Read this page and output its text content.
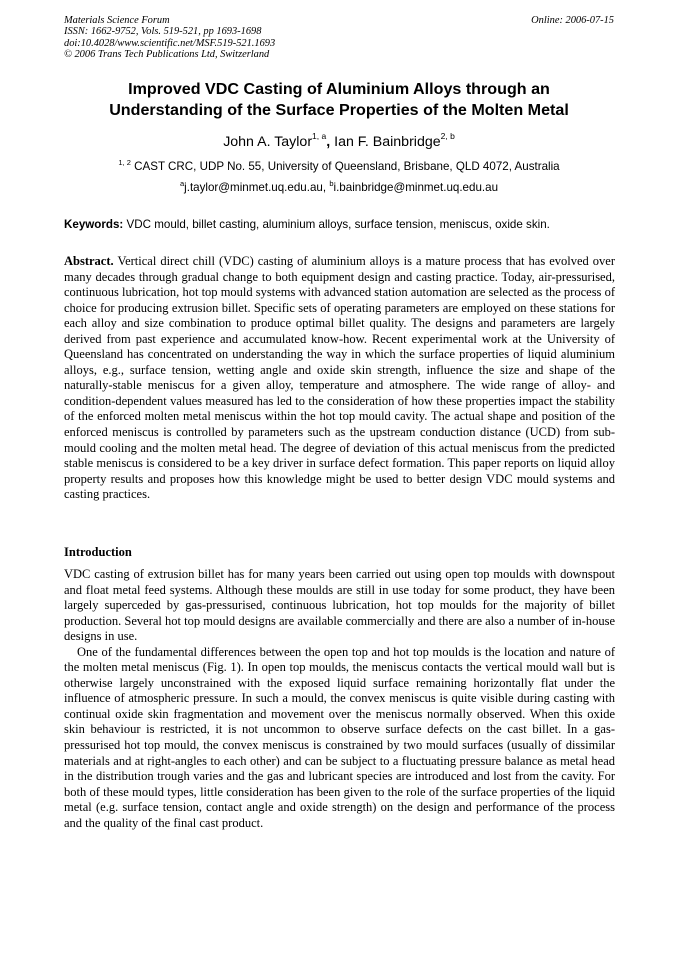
Materials Science Forum
ISSN: 1662-9752, Vols. 519-521, pp 1693-1698
doi:10.4028/www.scientific.net/MSF.519-521.1693
© 2006 Trans Tech Publications Ltd, Switzerland
Online: 2006-07-15
Improved VDC Casting of Aluminium Alloys through an
Understanding of the Surface Properties of the Molten Metal
John A. Taylor$^{1, a}$, Ian F. Bainbridge$^{2, b}$
$^{1, 2}$ CAST CRC, UDP No. 55, University of Queensland, Brisbane, QLD 4072, Australia
$^a$j.taylor@minmet.uq.edu.au, $^b$i.bainbridge@minmet.uq.edu.au
Keywords: VDC mould, billet casting, aluminium alloys, surface tension, meniscus, oxide skin.

Abstract. Vertical direct chill (VDC) casting of aluminium alloys is a mature process that has evolved over many decades through gradual change to both equipment design and casting practice. Today, air-pressurised, continuous lubrication, hot top mould systems with advanced station automation are selected as the process of choice for producing extrusion billet. Specific sets of operating parameters are employed on these stations for each alloy and size combination to produce optimal billet quality. The designs and parameters are largely derived from past experience and accumulated know-how. Recent experimental work at the University of Queensland has concentrated on understanding the way in which the surface properties of liquid aluminium alloys, e.g., surface tension, wetting angle and oxide skin strength, influence the size and shape of the naturally-stable meniscus for a given alloy, temperature and atmosphere. The wide range of alloy- and condition-dependent values measured has led to the consideration of how these properties impact the stability of the enforced molten metal meniscus within the hot top mould cavity. The actual shape and position of the enforced meniscus is controlled by parameters such as the upstream conduction distance (UCD) from sub-mould cooling and the molten metal head. The degree of deviation of this actual meniscus from the predicted stable meniscus is considered to be a key driver in surface defect formation. This paper reports on liquid alloy property results and proposes how this knowledge might be used to better design VDC mould systems and casting practices.

Introduction

VDC casting of extrusion billet has for many years been carried out using open top moulds with downspout and float metal feed systems. Although these moulds are still in use today for some product, they have been largely superceded by gas-pressurised, continuous lubrication, hot top moulds for the majority of billet production. Several hot top mould designs are available commercially and there are also a number of in-house designs in use.

One of the fundamental differences between the open top and hot top moulds is the location and nature of the molten metal meniscus (Fig. 1). In open top moulds, the meniscus contacts the vertical mould wall but is otherwise largely unconstrained with the exposed liquid surface remaining horizontally flat under the influence of atmospheric pressure. In such a mould, the convex meniscus is quite visible during casting with continual oxide skin fragmentation and movement over the meniscus normally observed. When this oxide skin behaviour is restricted, it is not uncommon to observe surface defects on the cast billet. In a gas-pressurised hot top mould, the convex meniscus is constrained by two mould surfaces (usually of dissimilar materials and at right-angles to each other) and can be subject to a fluctuating pressure balance as metal head in the distribution trough varies and the gas and lubricant species are introduced and lost from the cavity. For both of these mould types, little consideration has been given to the role of the surface properties of the liquid metal (e.g. surface tension, contact angle and oxide strength) on the design and performance of the process and the quality of the final cast product.
